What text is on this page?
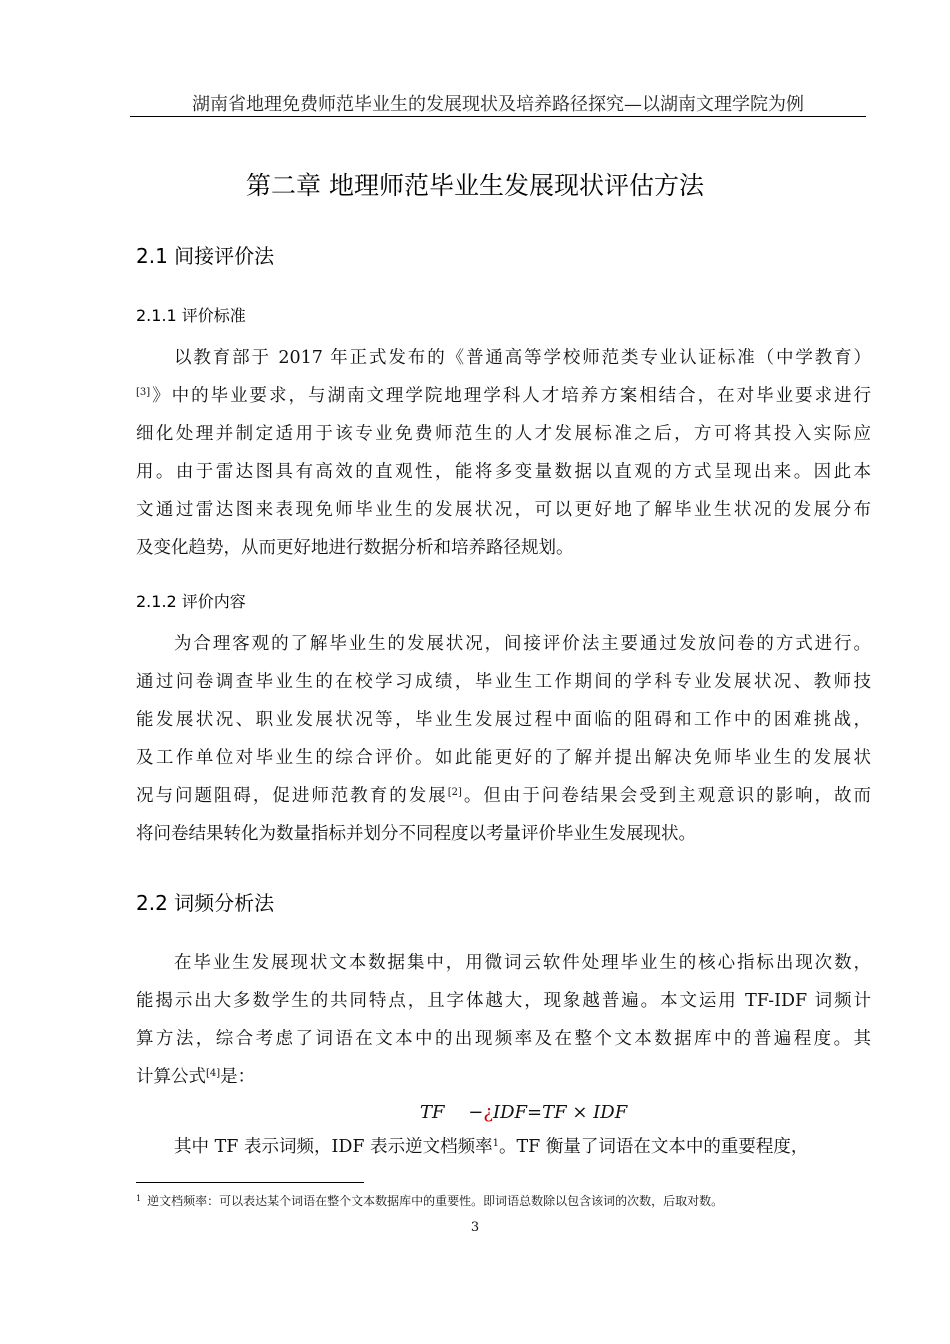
湖南省地理免费师范毕业生的发展现状及培养路径探究—以湖南文理学院为例
第二章 地理师范毕业生发展现状评估方法
2.1 间接评价法
2.1.1 评价标准
以教育部于 2017 年正式发布的《普通高等学校师范类专业认证标准（中学教育）
[3]》中的毕业要求，与湖南文理学院地理学科人才培养方案相结合，在对毕业要求进行
细化处理并制定适用于该专业免费师范生的人才发展标准之后，方可将其投入实际应
用。由于雷达图具有高效的直观性，能将多变量数据以直观的方式呈现出来。因此本
文通过雷达图来表现免师毕业生的发展状况，可以更好地了解毕业生状况的发展分布
及变化趋势，从而更好地进行数据分析和培养路径规划。
2.1.2 评价内容
为合理客观的了解毕业生的发展状况，间接评价法主要通过发放问卷的方式进行。
通过问卷调查毕业生的在校学习成绩，毕业生工作期间的学科专业发展状况、教师技
能发展状况、职业发展状况等，毕业生发展过程中面临的阻碍和工作中的困难挑战，
及工作单位对毕业生的综合评价。如此能更好的了解并提出解决免师毕业生的发展状
况与问题阻碍，促进师范教育的发展[2]。但由于问卷结果会受到主观意识的影响，故而
将问卷结果转化为数量指标并划分不同程度以考量评价毕业生发展现状。
2.2 词频分析法
在毕业生发展现状文本数据集中，用微词云软件处理毕业生的核心指标出现次数，
能揭示出大多数学生的共同特点，且字体越大，现象越普遍。本文运用 TF-IDF 词频计
算方法，综合考虑了词语在文本中的出现频率及在整个文本数据库中的普遍程度。其
计算公式[4]是：
TF −¿IDF=TF × IDF
其中 TF 表示词频，IDF 表示逆文档频率$^1$。TF 衡量了词语在文本中的重要程度，
$^1$ 逆文档频率：可以表达某个词语在整个文本数据库中的重要性。即词语总数除以包含该词的次数，后取对数。
3
